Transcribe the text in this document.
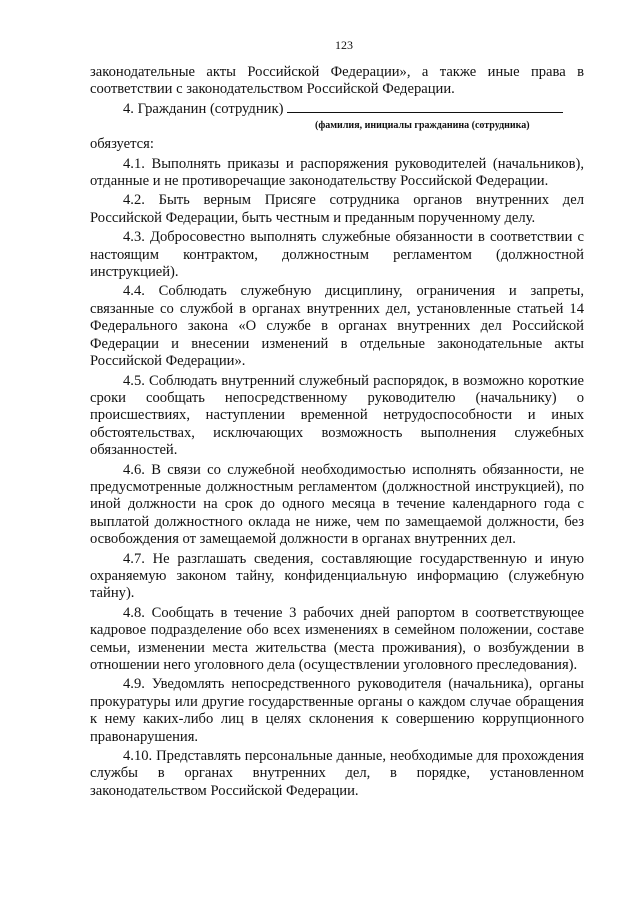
123

законодательные акты Российской Федерации», а также иные права в соответствии с законодательством Российской Федерации.

4. Гражданин (сотрудник)
(фамилия, инициалы гражданина (сотрудника)

обязуется:

4.1. Выполнять приказы и распоряжения руководителей (начальников), отданные и не противоречащие законодательству Российской Федерации.

4.2. Быть верным Присяге сотрудника органов внутренних дел Российской Федерации, быть честным и преданным порученному делу.

4.3. Добросовестно выполнять служебные обязанности в соответствии с настоящим контрактом, должностным регламентом (должностной инструкцией).

4.4. Соблюдать служебную дисциплину, ограничения и запреты, связанные со службой в органах внутренних дел, установленные статьей 14 Федерального закона «О службе в органах внутренних дел Российской Федерации и внесении изменений в отдельные законодательные акты Российской Федерации».

4.5. Соблюдать внутренний служебный распорядок, в возможно короткие сроки сообщать непосредственному руководителю (начальнику) о происшествиях, наступлении временной нетрудоспособности и иных обстоятельствах, исключающих возможность выполнения служебных обязанностей.

4.6. В связи со служебной необходимостью исполнять обязанности, не предусмотренные должностным регламентом (должностной инструкцией), по иной должности на срок до одного месяца в течение календарного года с выплатой должностного оклада не ниже, чем по замещаемой должности, без освобождения от замещаемой должности в органах внутренних дел.

4.7. Не разглашать сведения, составляющие государственную и иную охраняемую законом тайну, конфиденциальную информацию (служебную тайну).

4.8. Сообщать в течение 3 рабочих дней рапортом в соответствующее кадровое подразделение обо всех изменениях в семейном положении, составе семьи, изменении места жительства (места проживания), о возбуждении в отношении него уголовного дела (осуществлении уголовного преследования).

4.9. Уведомлять непосредственного руководителя (начальника), органы прокуратуры или другие государственные органы о каждом случае обращения к нему каких-либо лиц в целях склонения к совершению коррупционного правонарушения.

4.10. Представлять персональные данные, необходимые для прохождения службы в органах внутренних дел, в порядке, установленном законодательством Российской Федерации.
